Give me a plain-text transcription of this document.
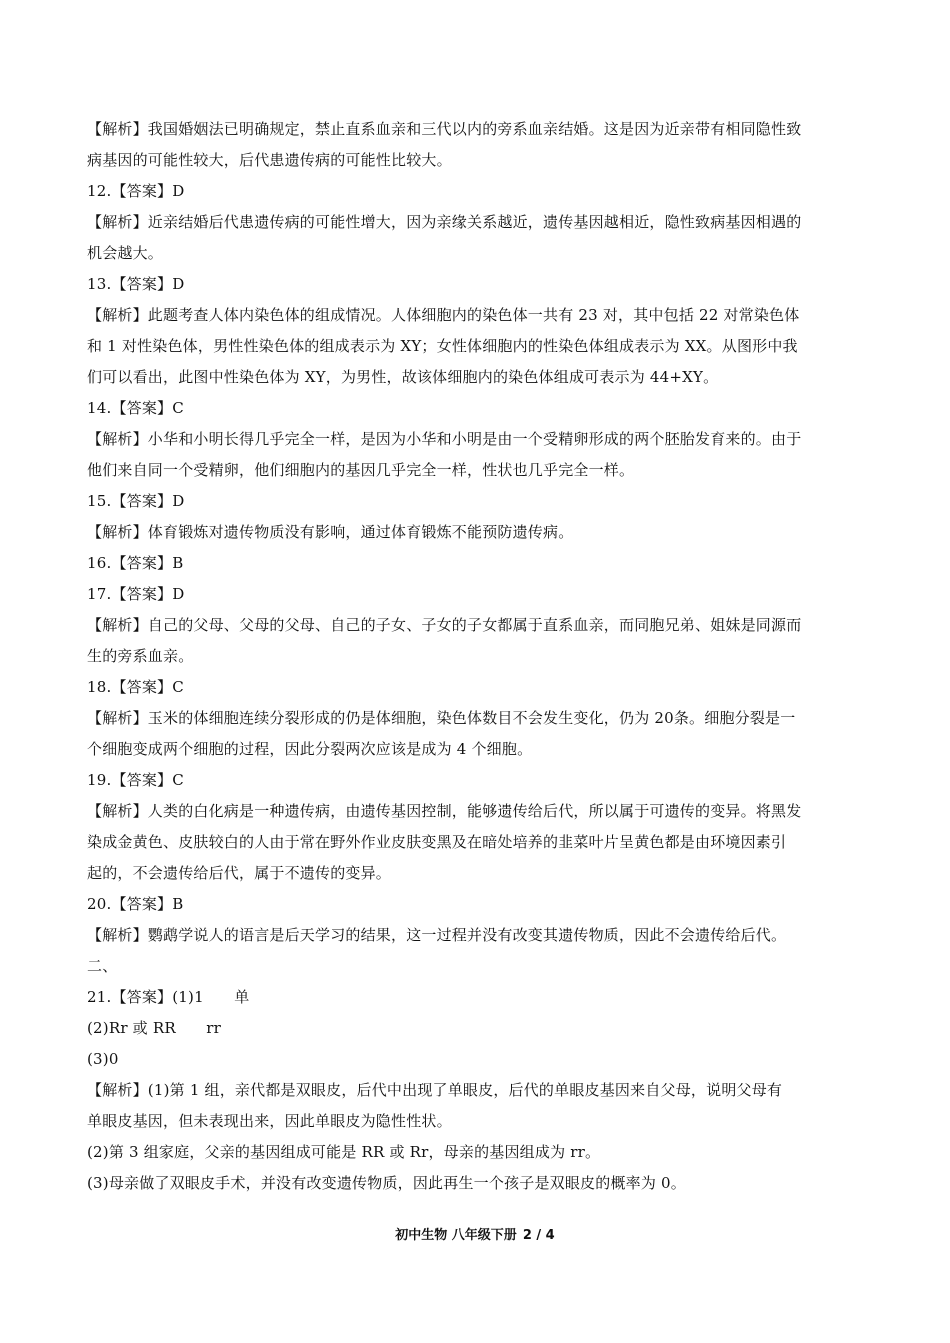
【解析】我国婚姻法已明确规定，禁止直系血亲和三代以内的旁系血亲结婚。这是因为近亲带有相同隐性致
病基因的可能性较大，后代患遗传病的可能性比较大。
12.【答案】D
【解析】近亲结婚后代患遗传病的可能性增大，因为亲缘关系越近，遗传基因越相近，隐性致病基因相遇的
机会越大。
13.【答案】D
【解析】此题考查人体内染色体的组成情况。人体细胞内的染色体一共有 23 对，其中包括 22 对常染色体
和 1 对性染色体，男性性染色体的组成表示为 XY；女性体细胞内的性染色体组成表示为 XX。从图形中我
们可以看出，此图中性染色体为 XY，为男性，故该体细胞内的染色体组成可表示为 44+XY。
14.【答案】C
【解析】小华和小明长得几乎完全一样，是因为小华和小明是由一个受精卵形成的两个胚胎发育来的。由于
他们来自同一个受精卵，他们细胞内的基因几乎完全一样，性状也几乎完全一样。
15.【答案】D
【解析】体育锻炼对遗传物质没有影响，通过体育锻炼不能预防遗传病。
16.【答案】B
17.【答案】D
【解析】自己的父母、父母的父母、自己的子女、子女的子女都属于直系血亲，而同胞兄弟、姐妹是同源而
生的旁系血亲。
18.【答案】C
【解析】玉米的体细胞连续分裂形成的仍是体细胞，染色体数目不会发生变化，仍为 20条。细胞分裂是一
个细胞变成两个细胞的过程，因此分裂两次应该是成为 4 个细胞。
19.【答案】C
【解析】人类的白化病是一种遗传病，由遗传基因控制，能够遗传给后代，所以属于可遗传的变异。将黑发
染成金黄色、皮肤较白的人由于常在野外作业皮肤变黑及在暗处培养的韭菜叶片呈黄色都是由环境因素引
起的，不会遗传给后代，属于不遗传的变异。
20.【答案】B
【解析】鹦鹉学说人的语言是后天学习的结果，这一过程并没有改变其遗传物质，因此不会遗传给后代。
二、
21.【答案】(1)1　　单
(2)Rr 或 RR　　rr
(3)0
【解析】(1)第 1 组，亲代都是双眼皮，后代中出现了单眼皮，后代的单眼皮基因来自父母，说明父母有
单眼皮基因，但未表现出来，因此单眼皮为隐性性状。
(2)第 3 组家庭，父亲的基因组成可能是 RR 或 Rr，母亲的基因组成为 rr。
(3)母亲做了双眼皮手术，并没有改变遗传物质，因此再生一个孩子是双眼皮的概率为 0。
初中生物 八年级下册 2 / 4
